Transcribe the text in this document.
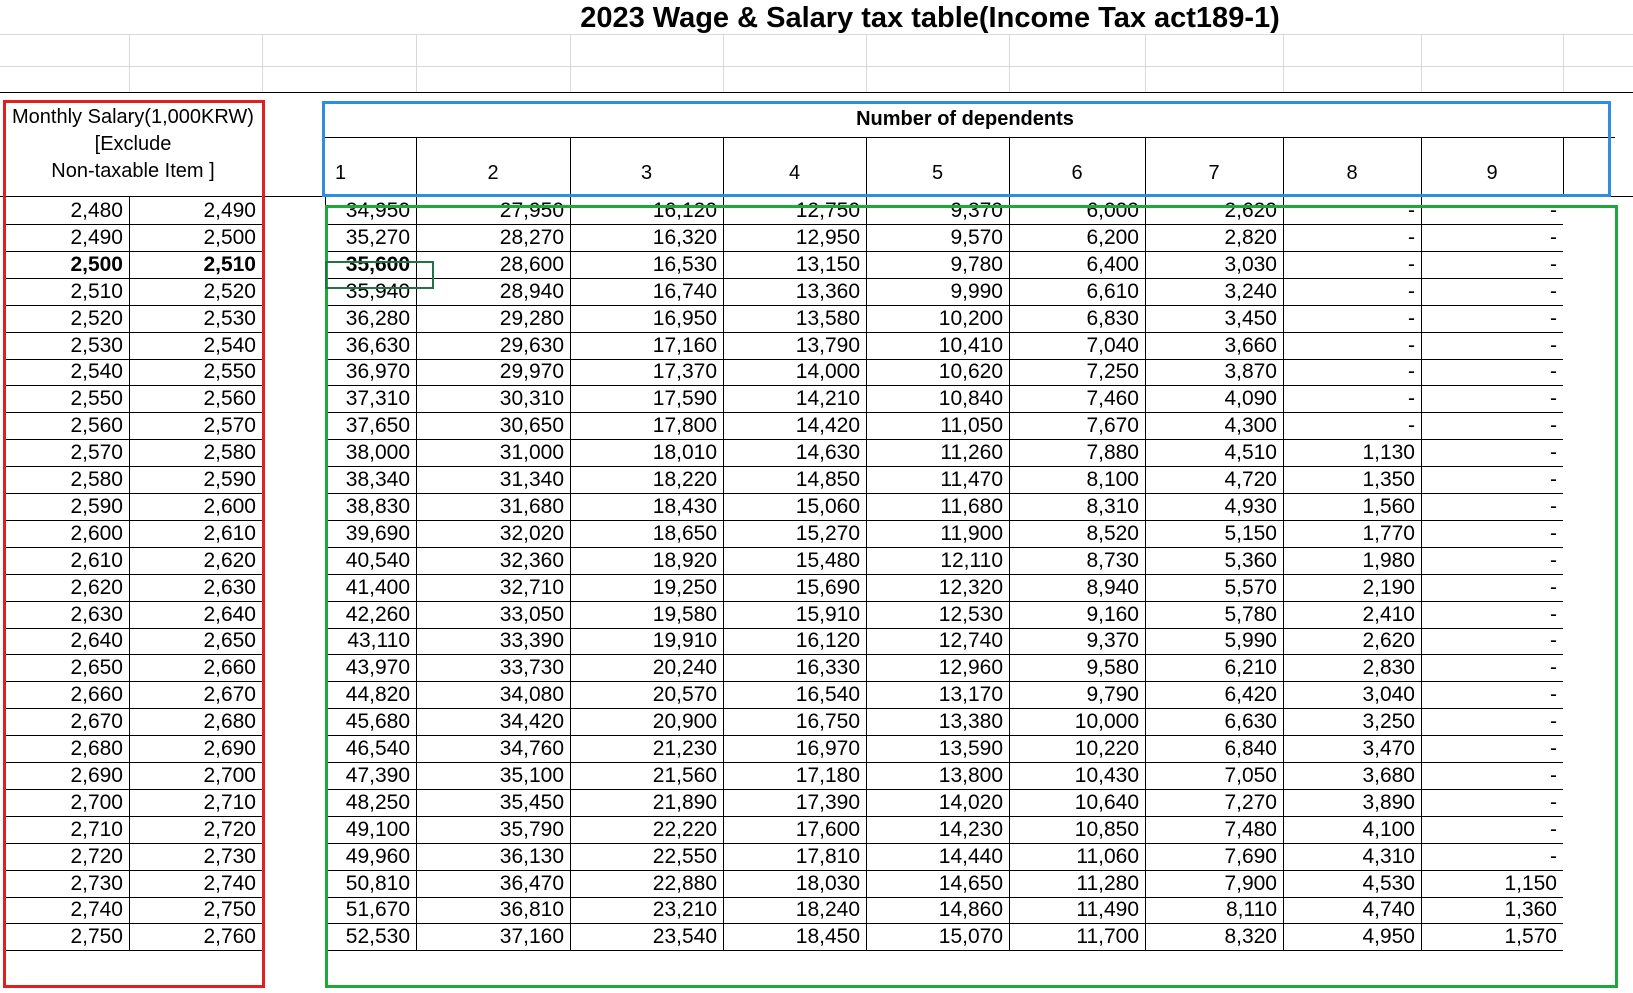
2023 Wage & Salary tax table(Income Tax act189-1)
Monthly Salary(1,000KRW)
[Exclude
Non-taxable Item ]
Number of dependents
1	2	3	4	5	6	7	8	9
2,480	2,490	34,950	27,950	16,120	12,750	9,370	6,000	2,620	-	-
2,490	2,500	35,270	28,270	16,320	12,950	9,570	6,200	2,820	-	-
2,500	2,510	35,600	28,600	16,530	13,150	9,780	6,400	3,030	-	-
2,510	2,520	35,940	28,940	16,740	13,360	9,990	6,610	3,240	-	-
2,520	2,530	36,280	29,280	16,950	13,580	10,200	6,830	3,450	-	-
2,530	2,540	36,630	29,630	17,160	13,790	10,410	7,040	3,660	-	-
2,540	2,550	36,970	29,970	17,370	14,000	10,620	7,250	3,870	-	-
2,550	2,560	37,310	30,310	17,590	14,210	10,840	7,460	4,090	-	-
2,560	2,570	37,650	30,650	17,800	14,420	11,050	7,670	4,300	-	-
2,570	2,580	38,000	31,000	18,010	14,630	11,260	7,880	4,510	1,130	-
2,580	2,590	38,340	31,340	18,220	14,850	11,470	8,100	4,720	1,350	-
2,590	2,600	38,830	31,680	18,430	15,060	11,680	8,310	4,930	1,560	-
2,600	2,610	39,690	32,020	18,650	15,270	11,900	8,520	5,150	1,770	-
2,610	2,620	40,540	32,360	18,920	15,480	12,110	8,730	5,360	1,980	-
2,620	2,630	41,400	32,710	19,250	15,690	12,320	8,940	5,570	2,190	-
2,630	2,640	42,260	33,050	19,580	15,910	12,530	9,160	5,780	2,410	-
2,640	2,650	43,110	33,390	19,910	16,120	12,740	9,370	5,990	2,620	-
2,650	2,660	43,970	33,730	20,240	16,330	12,960	9,580	6,210	2,830	-
2,660	2,670	44,820	34,080	20,570	16,540	13,170	9,790	6,420	3,040	-
2,670	2,680	45,680	34,420	20,900	16,750	13,380	10,000	6,630	3,250	-
2,680	2,690	46,540	34,760	21,230	16,970	13,590	10,220	6,840	3,470	-
2,690	2,700	47,390	35,100	21,560	17,180	13,800	10,430	7,050	3,680	-
2,700	2,710	48,250	35,450	21,890	17,390	14,020	10,640	7,270	3,890	-
2,710	2,720	49,100	35,790	22,220	17,600	14,230	10,850	7,480	4,100	-
2,720	2,730	49,960	36,130	22,550	17,810	14,440	11,060	7,690	4,310	-
2,730	2,740	50,810	36,470	22,880	18,030	14,650	11,280	7,900	4,530	1,150
2,740	2,750	51,670	36,810	23,210	18,240	14,860	11,490	8,110	4,740	1,360
2,750	2,760	52,530	37,160	23,540	18,450	15,070	11,700	8,320	4,950	1,570
